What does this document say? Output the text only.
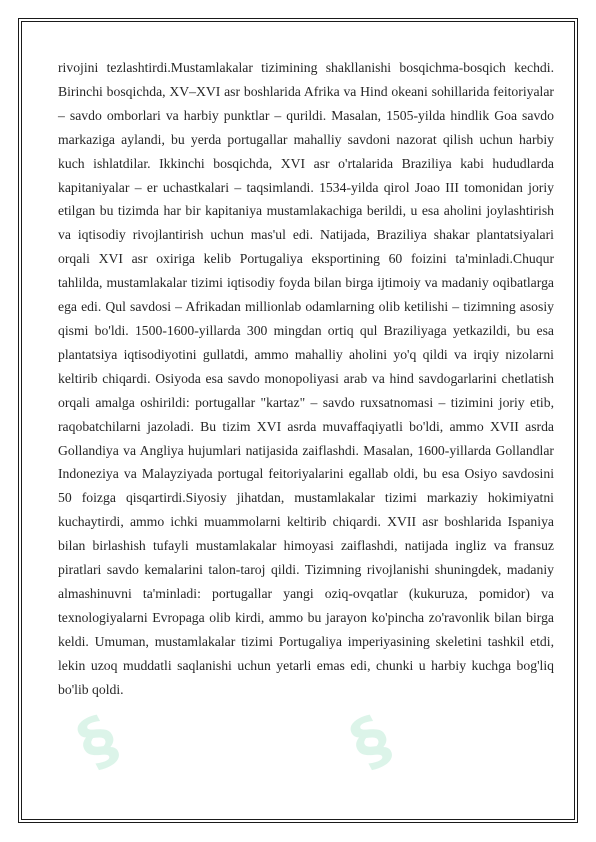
§	§

rivojini tezlashtirdi.Mustamlakalar tizimining shakllanishi bosqichma-bosqich kechdi. Birinchi bosqichda, XV–XVI asr boshlarida Afrika va Hind okeani sohillarida feitoriyalar – savdo omborlari va harbiy punktlar – qurildi. Masalan, 1505-yilda hindlik Goa savdo markaziga aylandi, bu yerda portugallar mahalliy savdoni nazorat qilish uchun harbiy kuch ishlatdilar. Ikkinchi bosqichda, XVI asr o'rtalarida Braziliya kabi hududlarda kapitaniyalar – er uchastkalari – taqsimlandi. 1534-yilda qirol Joao III tomonidan joriy etilgan bu tizimda har bir kapitaniya mustamlakachiga berildi, u esa aholini joylashtirish va iqtisodiy rivojlantirish uchun mas'ul edi. Natijada, Braziliya shakar plantatsiyalari orqali XVI asr oxiriga kelib Portugaliya eksportining 60 foizini ta'minladi.Chuqur tahlilda, mustamlakalar tizimi iqtisodiy foyda bilan birga ijtimoiy va madaniy oqibatlarga ega edi. Qul savdosi – Afrikadan millionlab odamlarning olib ketilishi – tizimning asosiy qismi bo'ldi. 1500-1600-yillarda 300 mingdan ortiq qul Braziliyaga yetkazildi, bu esa plantatsiya iqtisodiyotini gullatdi, ammo mahalliy aholini yo'q qildi va irqiy nizolarni keltirib chiqardi. Osiyoda esa savdo monopoliyasi arab va hind savdogarlarini chetlatish orqali amalga oshirildi: portugallar "kartaz" – savdo ruxsatnomasi – tizimini joriy etib, raqobatchilarni jazoladi. Bu tizim XVI asrda muvaffaqiyatli bo'ldi, ammo XVII asrda Gollandiya va Angliya hujumlari natijasida zaiflashdi. Masalan, 1600-yillarda Gollandlar Indoneziya va Malayziyada portugal feitoriyalarini egallab oldi, bu esa Osiyo savdosini 50 foizga qisqartirdi.Siyosiy jihatdan, mustamlakalar tizimi markaziy hokimiyatni kuchaytirdi, ammo ichki muammolarni keltirib chiqardi. XVII asr boshlarida Ispaniya bilan birlashish tufayli mustamlakalar himoyasi zaiflashdi, natijada ingliz va fransuz piratlari savdo kemalarini talon-taroj qildi. Tizimning rivojlanishi shuningdek, madaniy almashinuvni ta'minladi: portugallar yangi oziq-ovqatlar (kukuruza, pomidor) va texnologiyalarni Evropaga olib kirdi, ammo bu jarayon ko'pincha zo'ravonlik bilan birga keldi. Umuman, mustamlakalar tizimi Portugaliya imperiyasining skeletini tashkil etdi, lekin uzoq muddatli saqlanishi uchun yetarli emas edi, chunki u harbiy kuchga bog'liq bo'lib qoldi.
